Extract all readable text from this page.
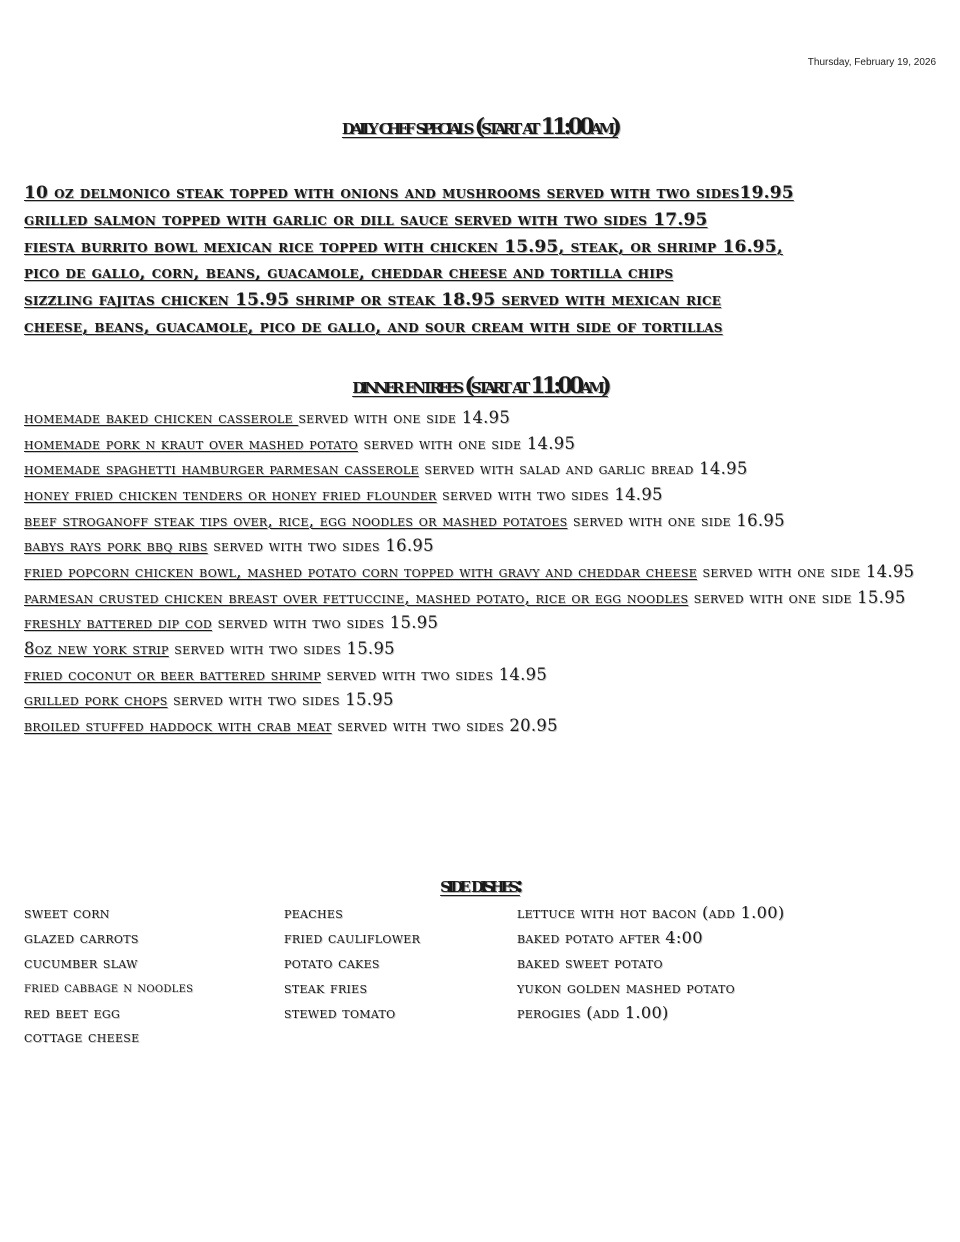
Thursday, February 19, 2026
daily chef specials (start at 11:00am)
10 oz delmonico steak topped with onions and mushrooms served with two sides19.95
grilled salmon topped with garlic or dill sauce served with two sides 17.95
fiesta burrito bowl mexican rice topped with chicken 15.95, steak, or shrimp 16.95,
pico de gallo, corn, beans, guacamole, cheddar cheese and tortilla chips
sizzling fajitas chicken 15.95 shrimp or steak 18.95 served with mexican rice
cheese, beans, guacamole, pico de gallo, and sour cream with side of tortillas
dinner entrees (start at 11:00am)
homemade baked chicken casserole served with one side 14.95
homemade pork n kraut over mashed potato served with one side 14.95
homemade spaghetti hamburger parmesan casserole served with salad and garlic bread 14.95
honey fried chicken tenders or honey fried flounder served with two sides 14.95
beef stroganoff steak tips over, rice, egg noodles or mashed potatoes served with one side 16.95
babys rays pork bbq ribs served with two sides 16.95
fried popcorn chicken bowl, mashed potato corn topped with gravy and cheddar cheese served with one side 14.95
parmesan crusted chicken breast over fettuccine, mashed potato, rice or egg noodles served with one side 15.95
freshly battered dip cod served with two sides 15.95
8oz new york strip served with two sides 15.95
fried coconut or beer battered shrimp served with two sides 14.95
grilled pork chops served with two sides 15.95
broiled stuffed haddock with crab meat served with two sides 20.95
side dishes:
sweet corn
glazed carrots
cucumber slaw
fried cabbage n noodles
red beet egg
cottage cheese
peaches
fried cauliflower
potato cakes
steak fries
stewed tomato
lettuce with hot bacon (add 1.00)
baked potato after 4:00
baked sweet potato
yukon golden mashed potato
perogies (add 1.00)
